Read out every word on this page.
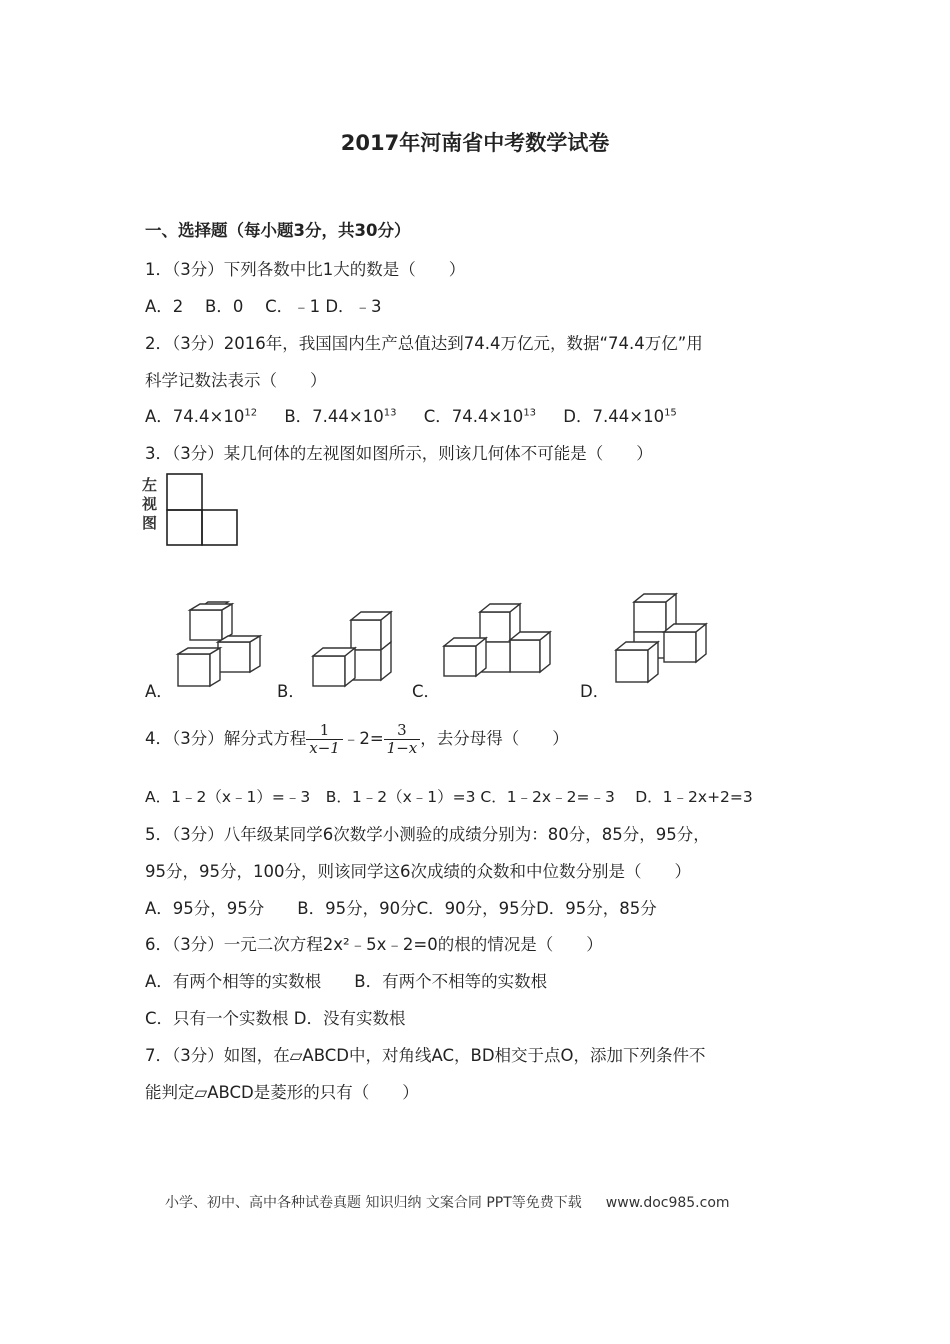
2017年河南省中考数学试卷
一、选择题（每小题3分，共30分）
1．（3分）下列各数中比1大的数是（　　）
A．2　 B．0　 C．﹣1 D．﹣3
2．（3分）2016年，我国国内生产总值达到74.4万亿元，数据“74.4万亿”用
科学记数法表示（　　）
A．$74.4\times 10^{12}$ B．$7.44\times 10^{13}$ C．$74.4\times 10^{13}$ D．$7.44\times 10^{15}$
3．（3分）某几何体的左视图如图所示，则该几何体不可能是（　　）
左
视
图
A．	B．	C．	D．
4．（3分）解分式方程 $\frac{1}{x-1}$ ﹣2= $\frac{3}{1-x}$ ，去分母得（　　）
A．1﹣2（x﹣1）=﹣3　B．1﹣2（x﹣1）=3 C．1﹣2x﹣2=﹣3　 D．1﹣2x+2=3
5．（3分）八年级某同学6次数学小测验的成绩分别为：80分，85分，95分，
95分，95分，100分，则该同学这6次成绩的众数和中位数分别是（　　）
A．95分，95分　　B．95分，90分C．90分，95分D．95分，85分
6．（3分）一元二次方程2x²﹣5x﹣2=0的根的情况是（　　）
A．有两个相等的实数根　　B．有两个不相等的实数根
C．只有一个实数根 D．没有实数根
7．（3分）如图，在▱ABCD中，对角线AC，BD相交于点O，添加下列条件不
能判定▱ABCD是菱形的只有（　　）
小学、初中、高中各种试卷真题 知识归纳 文案合同 PPT等免费下载 www.doc985.com
